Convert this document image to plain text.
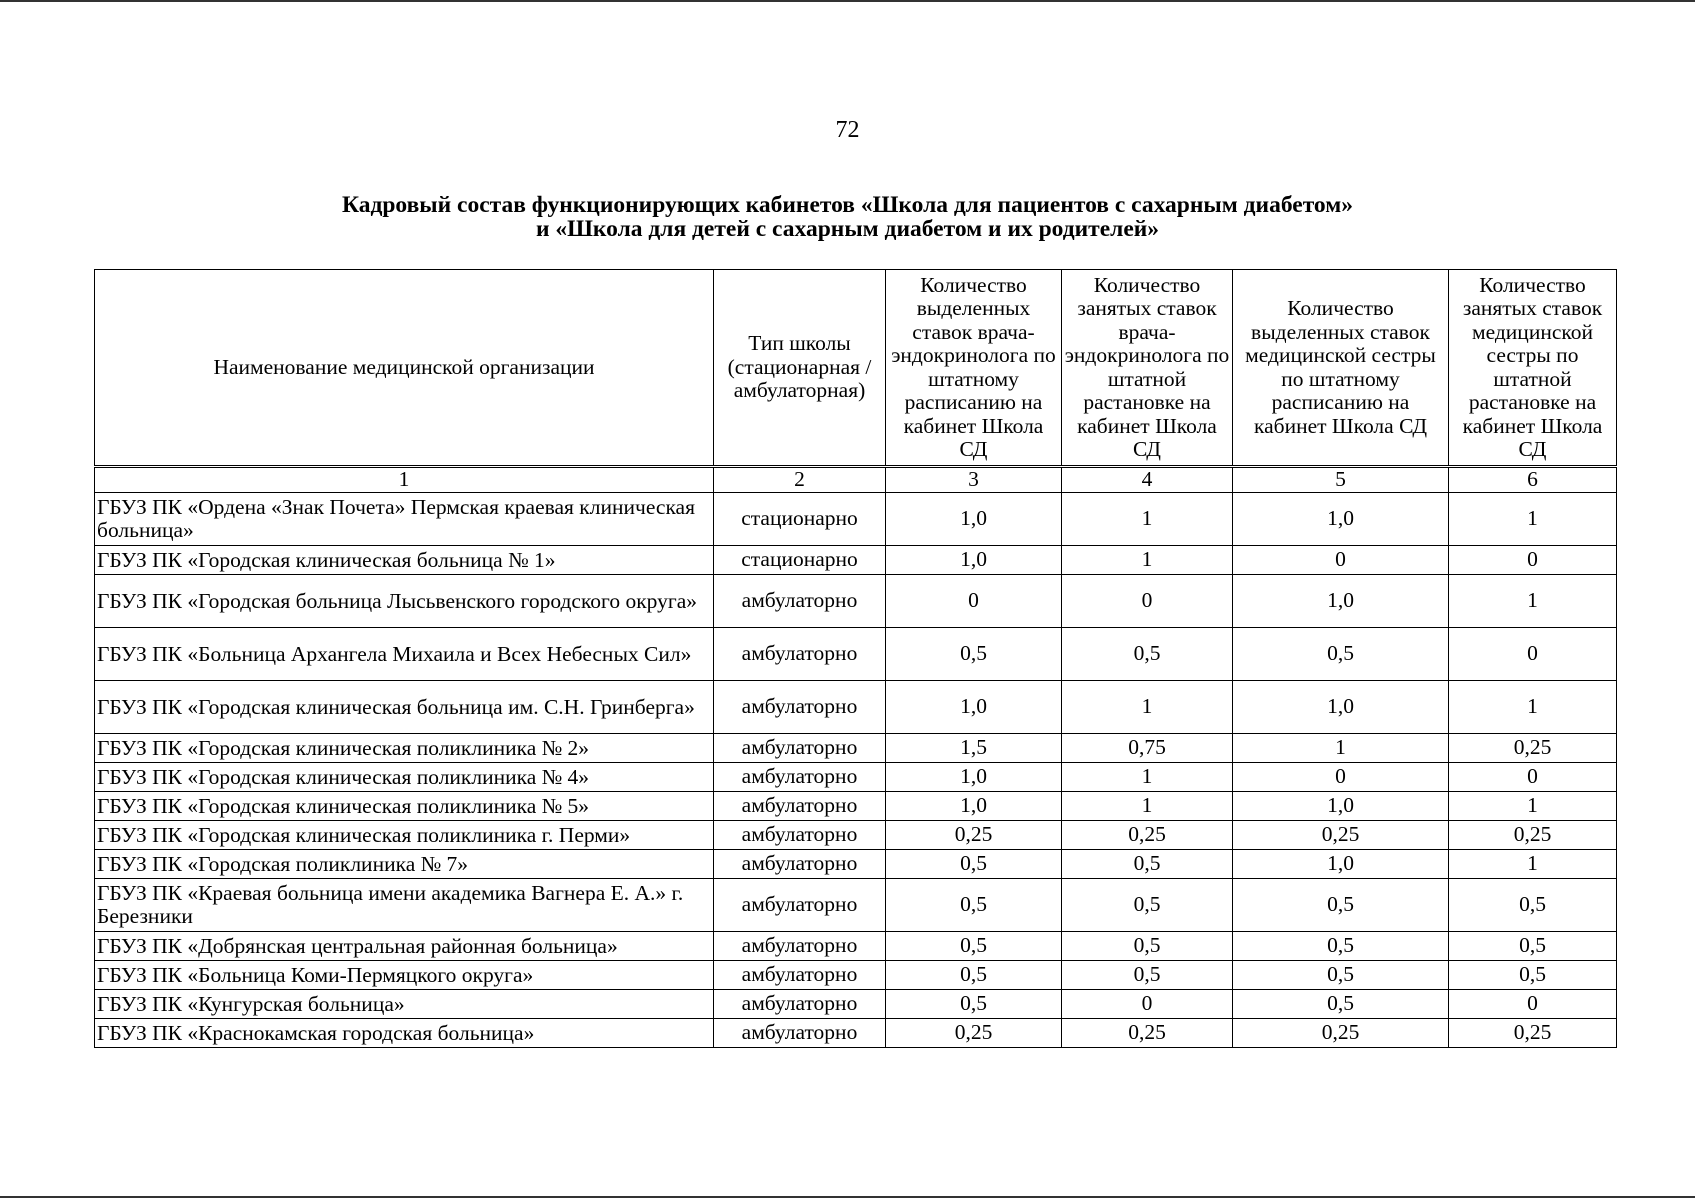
72
Кадровый состав функционирующих кабинетов «Школа для пациентов с сахарным диабетом»
и «Школа для детей с сахарным диабетом и их родителей»
Наименование медицинской организации	Тип школы (стационарная / амбулаторная)	Количество выделенных ставок врача-эндокринолога по штатному расписанию на кабинет Школа СД	Количество занятых ставок врача-эндокринолога по штатной растановке на кабинет Школа СД	Количество выделенных ставок медицинской сестры по штатному расписанию на кабинет Школа СД	Количество занятых ставок медицинской сестры по штатной растановке на кабинет Школа СД
1	2	3	4	5	6
ГБУЗ ПК «Ордена «Знак Почета» Пермская краевая клиническая больница»	стационарно	1,0	1	1,0	1
ГБУЗ ПК «Городская клиническая больница № 1»	стационарно	1,0	1	0	0
ГБУЗ ПК «Городская больница Лысьвенского городского округа»	амбулаторно	0	0	1,0	1
ГБУЗ ПК «Больница Архангела Михаила и Всех Небесных Сил»	амбулаторно	0,5	0,5	0,5	0
ГБУЗ ПК «Городская клиническая больница им. С.Н. Гринберга»	амбулаторно	1,0	1	1,0	1
ГБУЗ ПК «Городская клиническая поликлиника № 2»	амбулаторно	1,5	0,75	1	0,25
ГБУЗ ПК «Городская клиническая поликлиника № 4»	амбулаторно	1,0	1	0	0
ГБУЗ ПК «Городская клиническая поликлиника № 5»	амбулаторно	1,0	1	1,0	1
ГБУЗ ПК «Городская клиническая поликлиника г. Перми»	амбулаторно	0,25	0,25	0,25	0,25
ГБУЗ ПК «Городская поликлиника № 7»	амбулаторно	0,5	0,5	1,0	1
ГБУЗ ПК «Краевая больница имени академика Вагнера Е. А.» г. Березники	амбулаторно	0,5	0,5	0,5	0,5
ГБУЗ ПК «Добрянская центральная районная больница»	амбулаторно	0,5	0,5	0,5	0,5
ГБУЗ ПК «Больница Коми-Пермяцкого округа»	амбулаторно	0,5	0,5	0,5	0,5
ГБУЗ ПК «Кунгурская больница»	амбулаторно	0,5	0	0,5	0
ГБУЗ ПК «Краснокамская городская больница»	амбулаторно	0,25	0,25	0,25	0,25
